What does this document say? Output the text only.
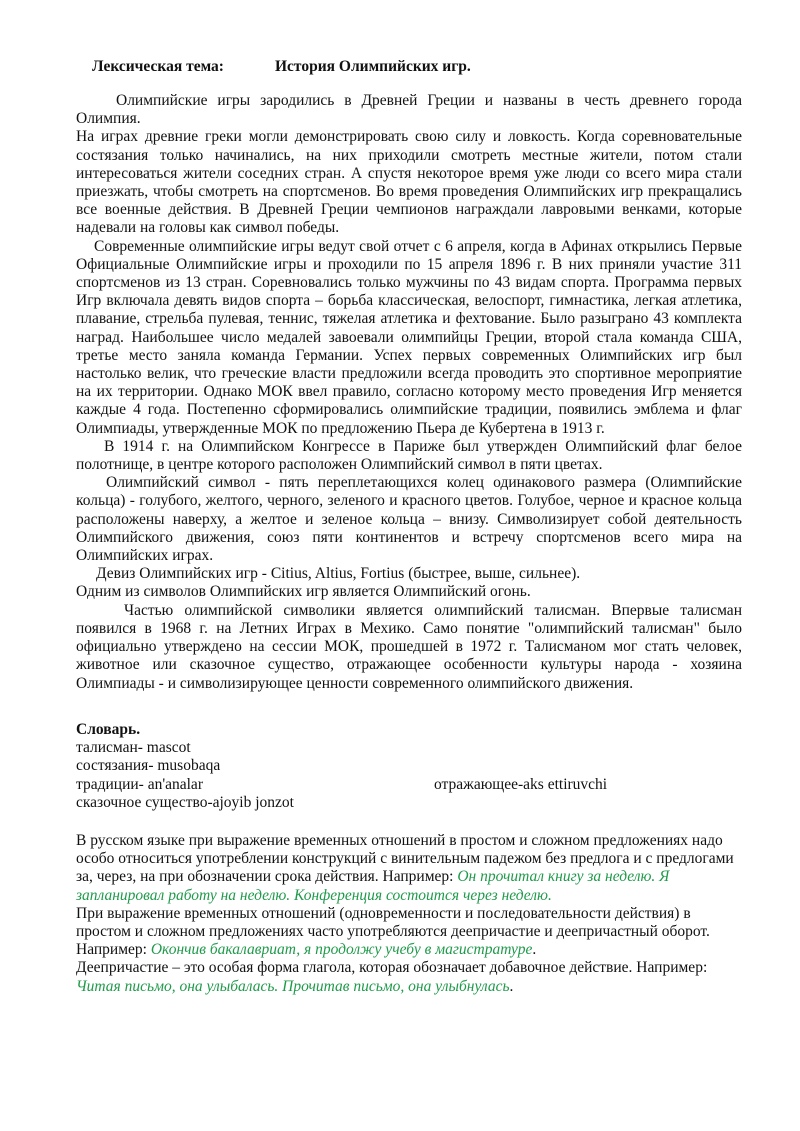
Лексическая тема:	История Олимпийских игр.

Олимпийские игры зародились в Древней Греции и названы в честь древнего города Олимпия.

На играх древние греки могли демонстрировать свою силу и ловкость. Когда соревновательные состязания только начинались, на них приходили смотреть местные жители, потом стали интересоваться жители соседних стран. А спустя некоторое время уже люди со всего мира стали приезжать, чтобы смотреть на спортсменов. Во время проведения Олимпийских игр прекращались все военные действия. В Древней Греции чемпионов награждали лавровыми венками, которые надевали на головы как символ победы.

Современные олимпийские игры ведут свой отчет с 6 апреля, когда в Афинах открылись Первые Официальные Олимпийские игры и проходили по 15 апреля 1896 г. В них приняли участие 311 спортсменов из 13 стран. Соревновались только мужчины по 43 видам спорта. Программа первых Игр включала девять видов спорта – борьба классическая, велоспорт, гимнастика, легкая атлетика, плавание, стрельба пулевая, теннис, тяжелая атлетика и фехтование. Было разыграно 43 комплекта наград. Наибольшее число медалей завоевали олимпийцы Греции, второй стала команда США, третье место заняла команда Германии. Успех первых современных Олимпийских игр был настолько велик, что греческие власти предложили всегда проводить это спортивное мероприятие на их территории. Однако МОК ввел правило, согласно которому место проведения Игр меняется каждые 4 года. Постепенно сформировались олимпийские традиции, появились эмблема и флаг Олимпиады, утвержденные МОК по предложению Пьера де Кубертена в 1913 г.

В 1914 г. на Олимпийском Конгрессе в Париже был утвержден Олимпийский флаг белое полотнище, в центре которого расположен Олимпийский символ в пяти цветах.

Олимпийский символ - пять переплетающихся колец одинакового размера (Олимпийские кольца) - голубого, желтого, черного, зеленого и красного цветов. Голубое, черное и красное кольца расположены наверху, а желтое и зеленое кольца – внизу. Символизирует собой деятельность Олимпийского движения, союз пяти континентов и встречу спортсменов всего мира на Олимпийских играх.

Девиз Олимпийских игр - Citius, Altius, Fortius (быстрее, выше, сильнее).

Одним из символов Олимпийских игр является Олимпийский огонь.

Частью олимпийской символики является олимпийский талисман. Впервые талисман появился в 1968 г. на Летних Играх в Мехико. Само понятие "олимпийский талисман" было официально утверждено на сессии МОК, прошедшей в 1972 г. Талисманом мог стать человек, животное или сказочное существо, отражающее особенности культуры народа - хозяина Олимпиады - и символизирующее ценности современного олимпийского движения.

Словарь.
талисман- mascot
состязания- musobaqa
традиции- an'analar	отражающее-aks ettiruvchi
сказочное существо-ajoyib jonzot

В русском языке при выражение временных отношений в простом и сложном предложениях надо особо относиться употреблении конструкций с винительным падежом без предлога и с предлогами за, через, на при обозначении срока действия. Например: Он прочитал книгу за неделю. Я запланировал работу на неделю. Конференция состоится через неделю.

При выражение временных отношений (одновременности и последовательности действия) в простом и сложном предложениях часто употребляются деепричастие и деепричастный оборот. Например: Окончив бакалавриат, я продолжу учебу в магистратуре.

Деепричастие – это особая форма глагола, которая обозначает добавочное действие. Например: Читая письмо, она улыбалась. Прочитав письмо, она улыбнулась.
